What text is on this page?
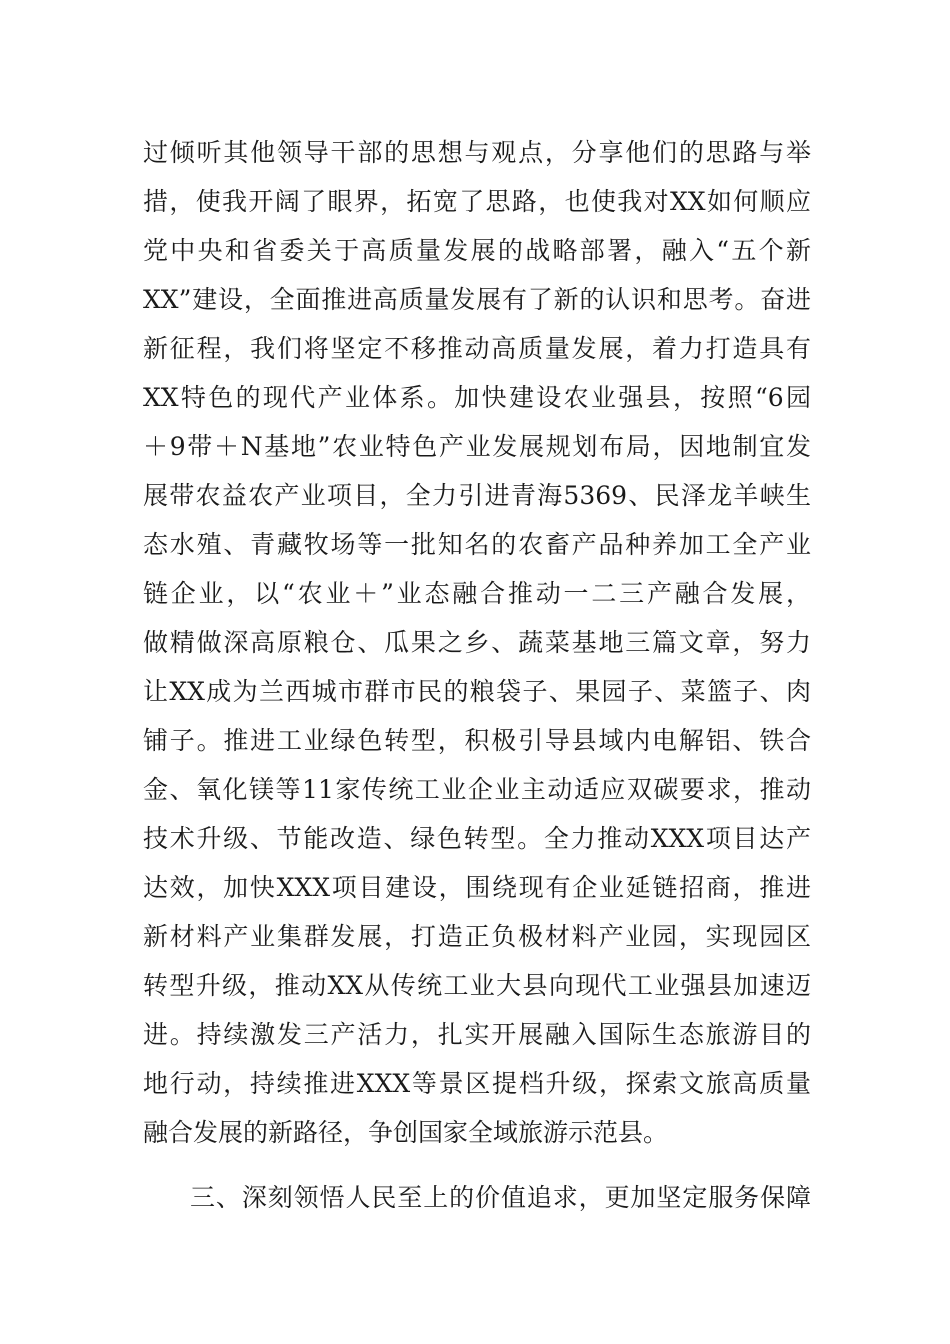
过倾听其他领导干部的思想与观点，分享他们的思路与举
措，使我开阔了眼界，拓宽了思路，也使我对XX如何顺应
党中央和省委关于高质量发展的战略部署，融入“五个新
XX”建设，全面推进高质量发展有了新的认识和思考。奋进
新征程，我们将坚定不移推动高质量发展，着力打造具有
XX特色的现代产业体系。加快建设农业强县，按照“6园
＋9带＋N基地”农业特色产业发展规划布局，因地制宜发
展带农益农产业项目，全力引进青海5369、民泽龙羊峡生
态水殖、青藏牧场等一批知名的农畜产品种养加工全产业
链企业，以“农业＋”业态融合推动一二三产融合发展，
做精做深高原粮仓、瓜果之乡、蔬菜基地三篇文章，努力
让XX成为兰西城市群市民的粮袋子、果园子、菜篮子、肉
铺子。推进工业绿色转型，积极引导县域内电解铝、铁合
金、氧化镁等11家传统工业企业主动适应双碳要求，推动
技术升级、节能改造、绿色转型。全力推动XXX项目达产
达效，加快XXX项目建设，围绕现有企业延链招商，推进
新材料产业集群发展，打造正负极材料产业园，实现园区
转型升级，推动XX从传统工业大县向现代工业强县加速迈
进。持续激发三产活力，扎实开展融入国际生态旅游目的
地行动，持续推进XXX等景区提档升级，探索文旅高质量
融合发展的新路径，争创国家全域旅游示范县。
三、深刻领悟人民至上的价值追求，更加坚定服务保障
